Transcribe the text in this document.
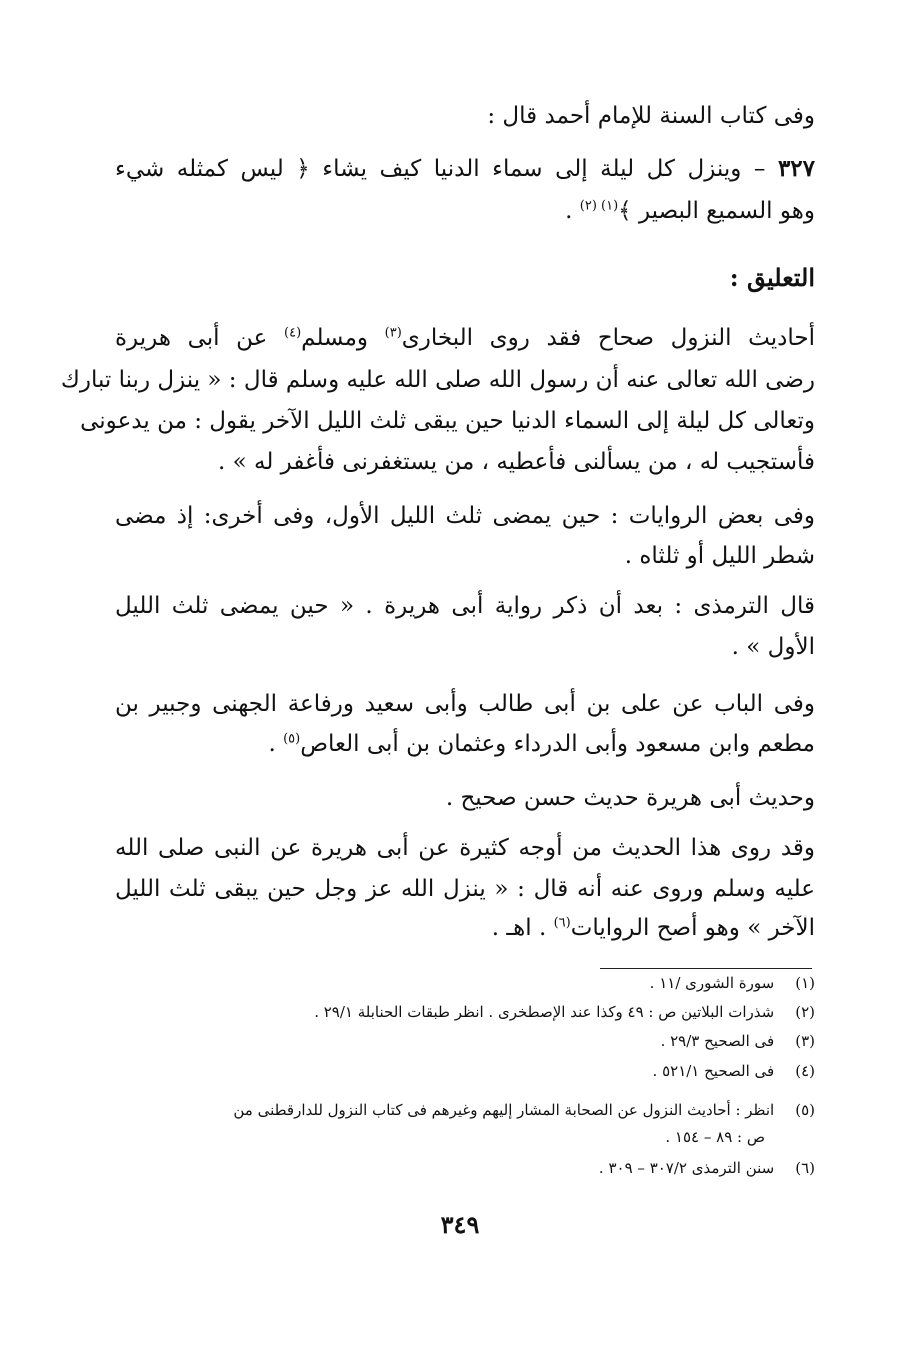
وفى كتاب السنة للإمام أحمد قال :
٣٢٧ – وينزل كل ليلة إلى سماء الدنيا كيف يشاء ﴿ ليس كمثله شيء
وهو السميع البصير ﴾$^{(١) (٢)}$ .
التعليق :
أحاديث النزول صحاح فقد روى البخارى$^{(٣)}$ ومسلم$^{(٤)}$ عن أبى هريرة
رضى الله تعالى عنه أن رسول الله صلى الله عليه وسلم قال : « ينزل ربنا تبارك
وتعالى كل ليلة إلى السماء الدنيا حين يبقى ثلث الليل الآخر يقول : من يدعونى
فأستجيب له ، من يسألنى فأعطيه ، من يستغفرنى فأغفر له » .
وفى بعض الروايات : حين يمضى ثلث الليل الأول، وفى أخرى: إذ مضى
شطر الليل أو ثلثاه .
قال الترمذى : بعد أن ذكر رواية أبى هريرة . « حين يمضى ثلث الليل
الأول » .
وفى الباب عن على بن أبى طالب وأبى سعيد ورفاعة الجهنى وجبير بن
مطعم وابن مسعود وأبى الدرداء وعثمان بن أبى العاص$^{(٥)}$ .
وحديث أبى هريرة حديث حسن صحيح .
وقد روى هذا الحديث من أوجه كثيرة عن أبى هريرة عن النبى صلى الله
عليه وسلم وروى عنه أنه قال : « ينزل الله عز وجل حين يبقى ثلث الليل
الآخر » وهو أصح الروايات$^{(٦)}$ . اهـ .
(١) سورة الشورى /١١ .
(٢) شذرات البلاتين ص : ٤٩ وكذا عند الإصطخرى . انظر طبقات الحنابلة ٢٩/١ .
(٣) فى الصحيح ٢٩/٣ .
(٤) فى الصحيح ٥٢١/١ .
(٥) انظر : أحاديث النزول عن الصحابة المشار إليهم وغيرهم فى كتاب النزول للدارقطنى من
ص : ٨٩ – ١٥٤ .
(٦) سنن الترمذى ٣٠٧/٢ – ٣٠٩ .
٣٤٩
